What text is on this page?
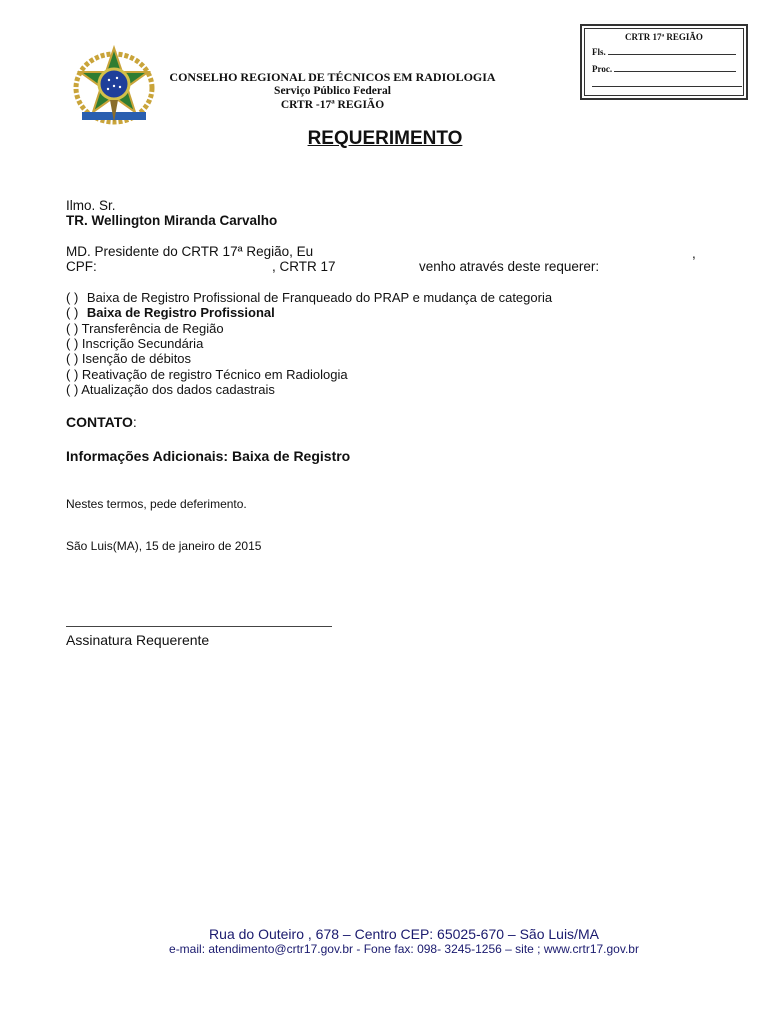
CRTR 17ª REGIÃO
Fls.
Proc.
CONSELHO REGIONAL DE TÉCNICOS EM RADIOLOGIA
Serviço Público Federal
CRTR -17ª REGIÃO
REQUERIMENTO
Ilmo. Sr.
TR. Wellington Miranda Carvalho
MD. Presidente do CRTR 17ª Região, Eu	,
CPF:	, CRTR 17	venho através deste requerer:
( ) Baixa de Registro Profissional de Franqueado do PRAP e mudança de categoria
( ) Baixa de Registro Profissional
( ) Transferência de Região
( ) Inscrição Secundária
( ) Isenção de débitos
( ) Reativação de registro Técnico em Radiologia
( ) Atualização dos dados cadastrais
CONTATO:
Informações Adicionais: Baixa de Registro
Nestes termos, pede deferimento.
São Luis(MA), 15 de janeiro de 2015
Assinatura Requerente
Rua do Outeiro , 678 – Centro CEP: 65025-670 – São Luis/MA
e-mail: atendimento@crtr17.gov.br - Fone fax: 098- 3245-1256 – site ; www.crtr17.gov.br
